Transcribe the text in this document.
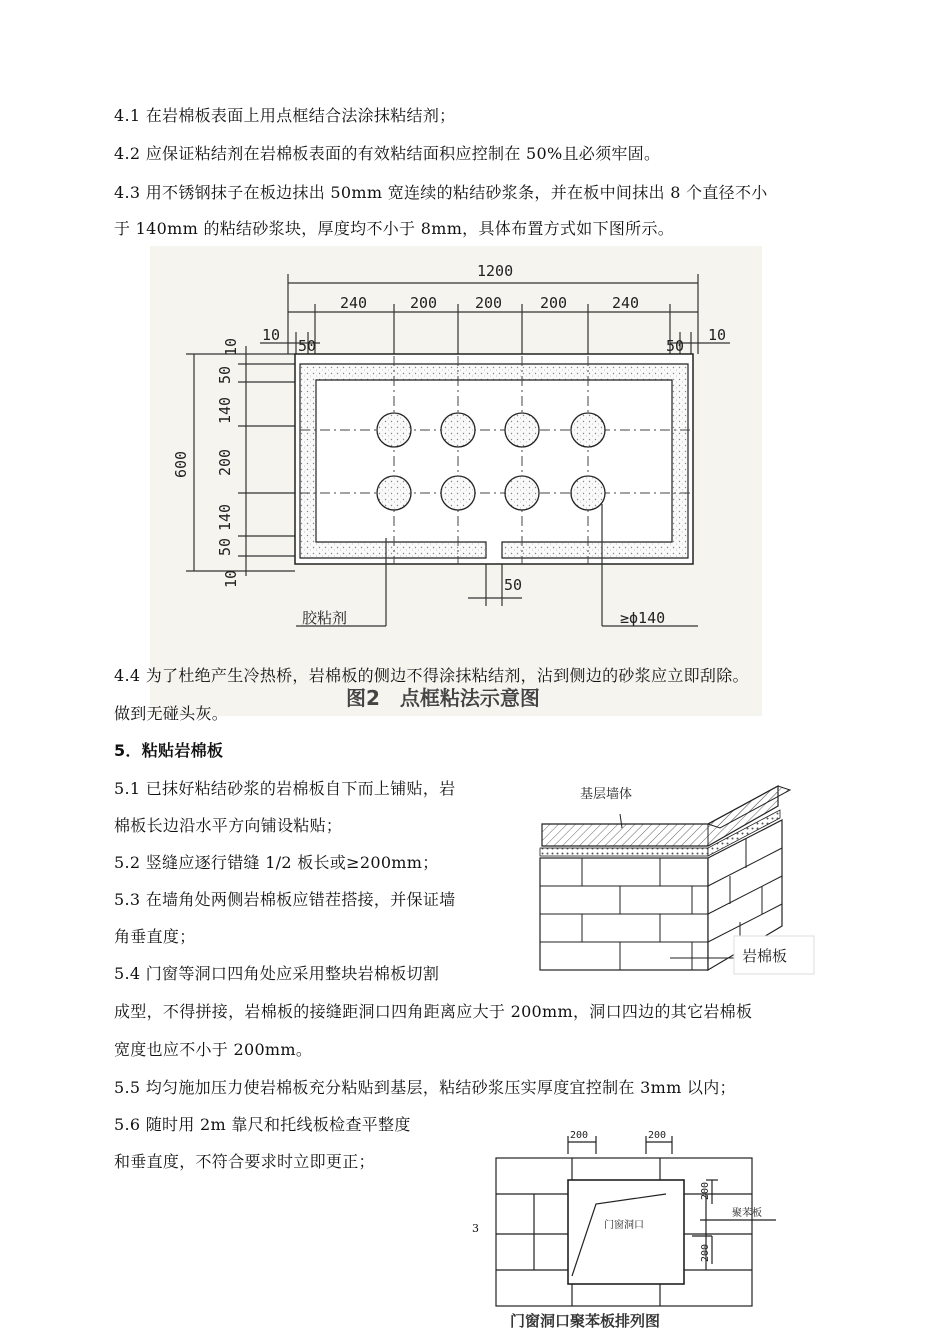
4.1 在岩棉板表面上用点框结合法涂抹粘结剂；
4.2 应保证粘结剂在岩棉板表面的有效粘结面积应控制在 50%且必须牢固。
4.3 用不锈钢抹子在板边抹出 50mm 宽连续的粘结砂浆条，并在板中间抹出 8 个直径不小
于 140mm 的粘结砂浆块，厚度均不小于 8mm，具体布置方式如下图所示。
1200
240	200	200	200	240
10
50	50
10
50
胶粘剂	≥ϕ140
10
50
140
200
140
50
10
600
图2　点框粘法示意图
4.4 为了杜绝产生冷热桥，岩棉板的侧边不得涂抹粘结剂，沾到侧边的砂浆应立即刮除。
做到无碰头灰。
5．粘贴岩棉板
5.1 已抹好粘结砂浆的岩棉板自下而上铺贴，岩
棉板长边沿水平方向铺设粘贴；
5.2 竖缝应逐行错缝 1/2 板长或≥200mm；
5.3 在墙角处两侧岩棉板应错茬搭接，并保证墙
角垂直度；
5.4 门窗等洞口四角处应采用整块岩棉板切割
成型，不得拼接，岩棉板的接缝距洞口四角距离应大于 200mm，洞口四边的其它岩棉板
宽度也应不小于 200mm。
5.5 均匀施加压力使岩棉板充分粘贴到基层，粘结砂浆压实厚度宜控制在 3mm 以内；
5.6 随时用 2m 靠尺和托线板检查平整度
和垂直度，不符合要求时立即更正；
基层墙体
岩棉板
200	200
200
200
门窗洞口
聚苯板
门窗洞口聚苯板排列图
3
